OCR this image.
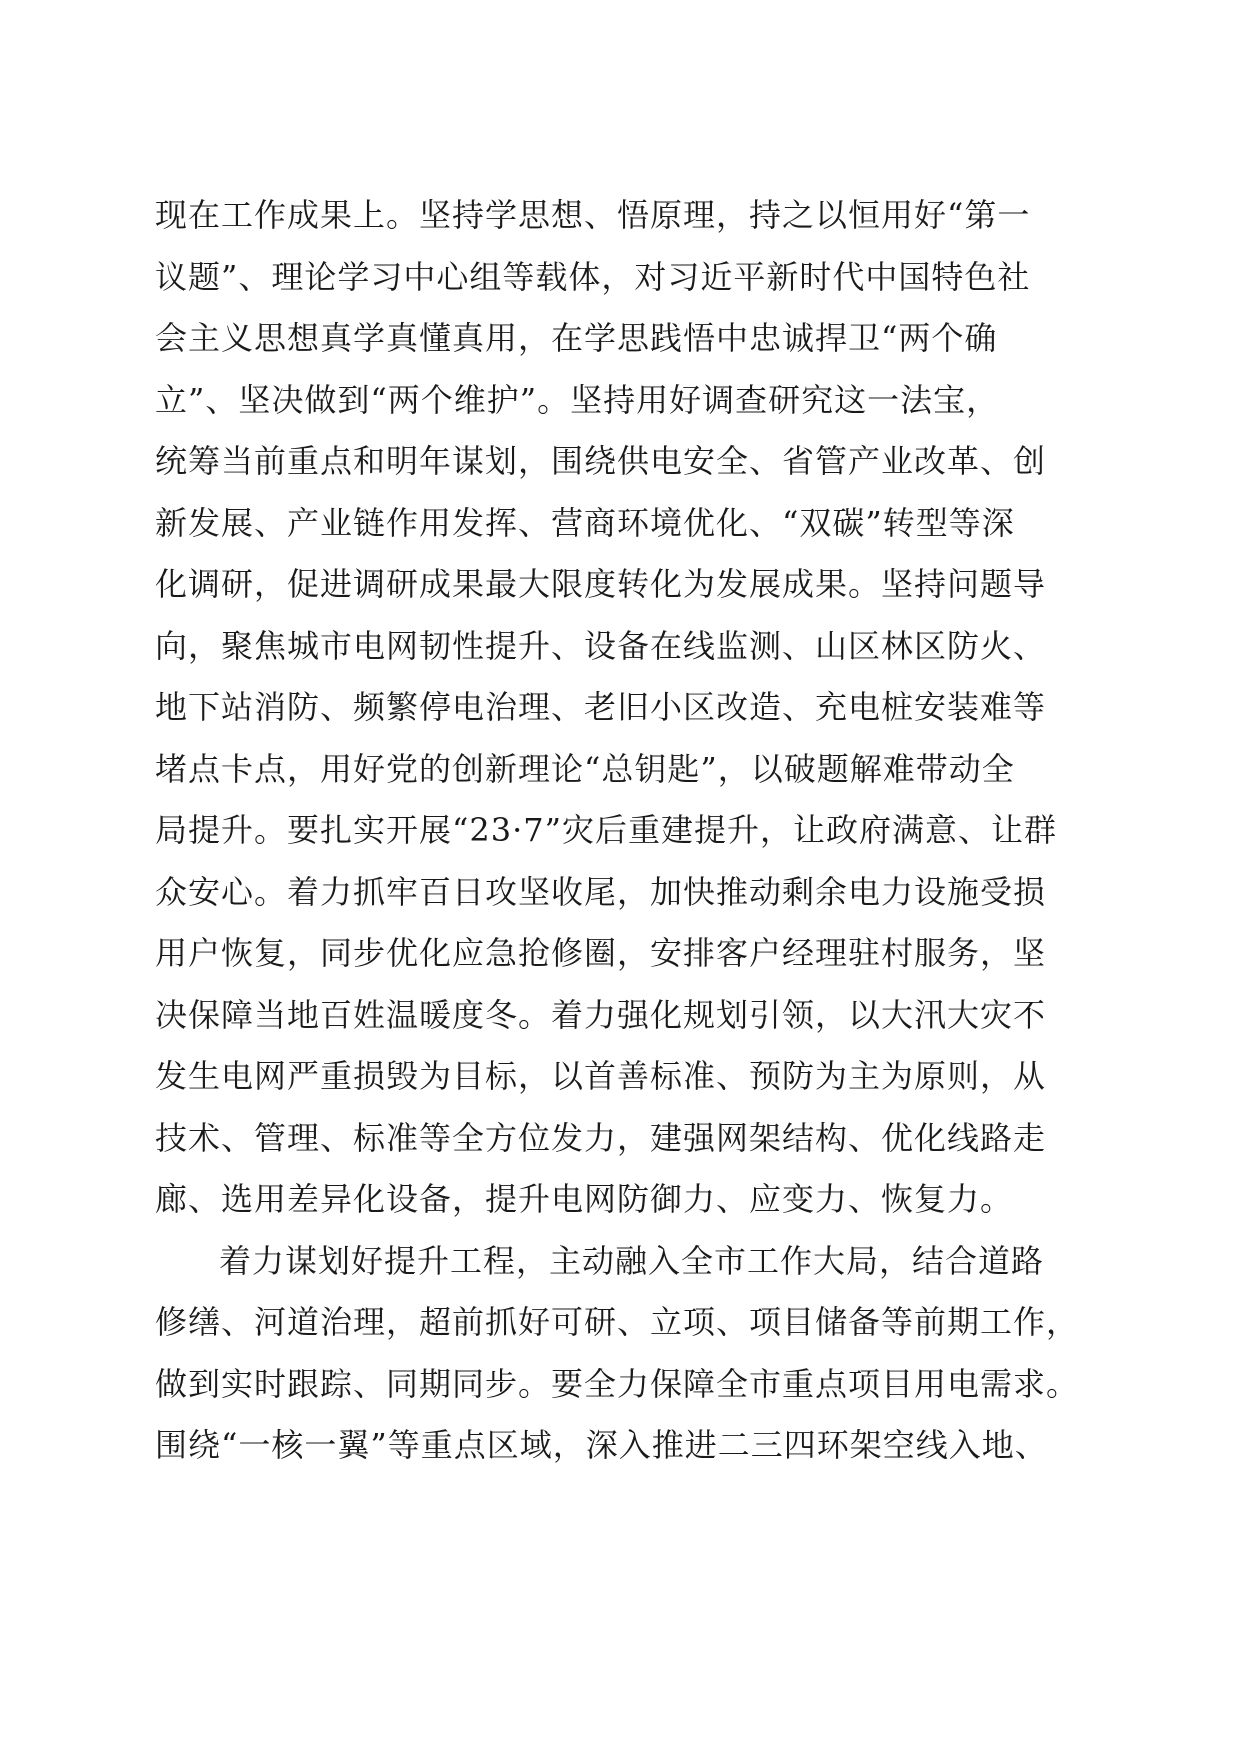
现在工作成果上。坚持学思想、悟原理，持之以恒用好“第一
议题”、理论学习中心组等载体，对习近平新时代中国特色社
会主义思想真学真懂真用，在学思践悟中忠诚捍卫“两个确
立”、坚决做到“两个维护”。坚持用好调查研究这一法宝，
统筹当前重点和明年谋划，围绕供电安全、省管产业改革、创
新发展、产业链作用发挥、营商环境优化、“双碳”转型等深
化调研，促进调研成果最大限度转化为发展成果。坚持问题导
向，聚焦城市电网韧性提升、设备在线监测、山区林区防火、
地下站消防、频繁停电治理、老旧小区改造、充电桩安装难等
堵点卡点，用好党的创新理论“总钥匙”，以破题解难带动全
局提升。要扎实开展“23·7”灾后重建提升，让政府满意、让群
众安心。着力抓牢百日攻坚收尾，加快推动剩余电力设施受损
用户恢复，同步优化应急抢修圈，安排客户经理驻村服务，坚
决保障当地百姓温暖度冬。着力强化规划引领，以大汛大灾不
发生电网严重损毁为目标，以首善标准、预防为主为原则，从
技术、管理、标准等全方位发力，建强网架结构、优化线路走
廊、选用差异化设备，提升电网防御力、应变力、恢复力。
着力谋划好提升工程，主动融入全市工作大局，结合道路
修缮、河道治理，超前抓好可研、立项、项目储备等前期工作，
做到实时跟踪、同期同步。要全力保障全市重点项目用电需求。
围绕“一核一翼”等重点区域，深入推进二三四环架空线入地、
